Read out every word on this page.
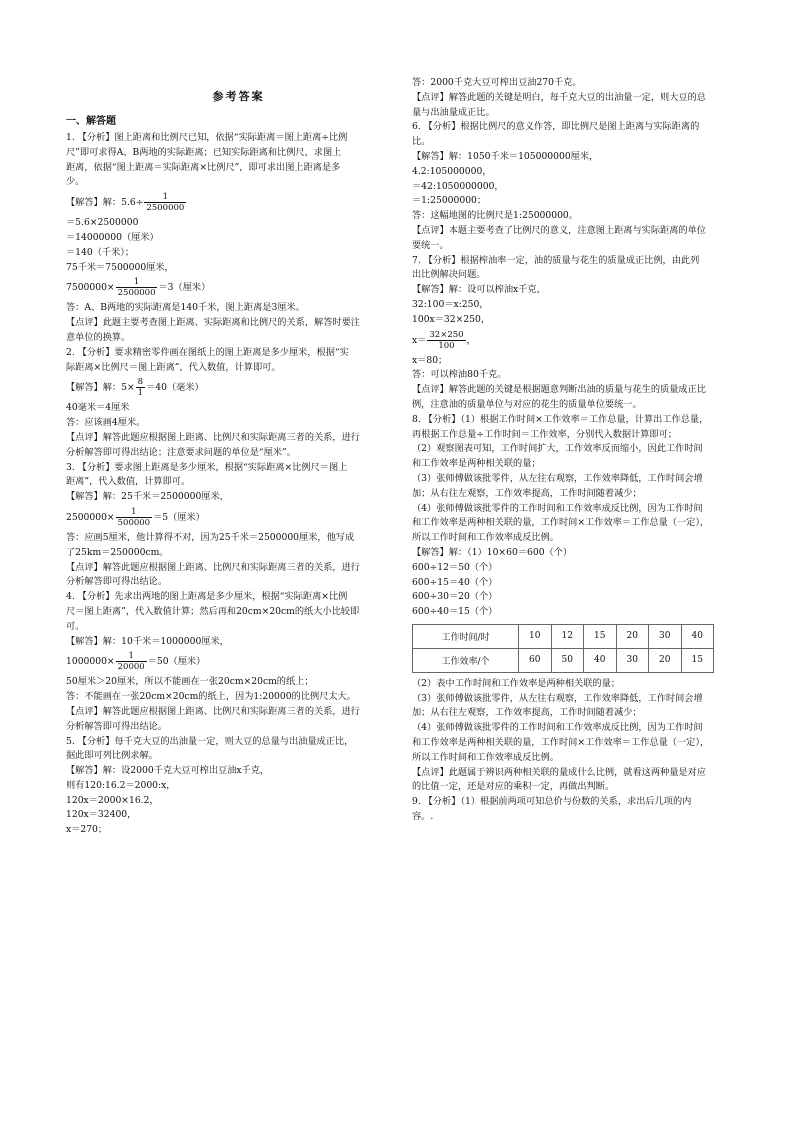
参考答案
一、解答题
1. 【分析】图上距离和比例尺已知，依据“实际距离＝图上距离÷比例
尺”即可求得A、B两地的实际距离；已知实际距离和比例尺，求图上
距离，依据“图上距离＝实际距离×比例尺”，即可求出图上距离是多
少。
【解答】解：$5.6\div \frac{1}{2500000}$
＝5.6×2500000
＝14000000（厘米）
＝140（千米）；
75千米＝7500000厘米，
$7500000\times \frac{1}{2500000} =3$（厘米）
答：A、B两地的实际距离是140千米，图上距离是3厘米。
【点评】此题主要考查图上距离、实际距离和比例尺的关系，解答时要注
意单位的换算。
2. 【分析】要求精密零件画在图纸上的图上距离是多少厘米，根据“实
际距离×比例尺＝图上距离”，代入数值，计算即可。
【解答】解：$5\times \frac{8}{1} =40$（毫米）
40毫米＝4厘米
答：应该画4厘米。
【点评】解答此题应根据图上距离、比例尺和实际距离三者的关系，进行
分析解答即可得出结论；注意要求问题的单位是“厘米”。
3. 【分析】要求图上距离是多少厘米，根据“实际距离×比例尺＝图上
距离”，代入数值，计算即可。
【解答】解：25千米＝2500000厘米，
$2500000\times \frac{1}{500000} =5$（厘米）
答：应画5厘米，他计算得不对，因为25千米＝2500000厘米，他写成
了25km＝250000cm。
【点评】解答此题应根据图上距离、比例尺和实际距离三者的关系，进行
分析解答即可得出结论。
4. 【分析】先求出两地的图上距离是多少厘米，根据“实际距离×比例
尺＝图上距离”，代入数值计算；然后再和20cm×20cm的纸大小比较即
可。
【解答】解：10千米＝1000000厘米，
$1000000\times \frac{1}{20000} =50$（厘米）
50厘米＞20厘米，所以不能画在一张20cm×20cm的纸上；
答：不能画在一张20cm×20cm的纸上，因为1:20000的比例尺太大。
【点评】解答此题应根据图上距离、比例尺和实际距离三者的关系，进行
分析解答即可得出结论。
5. 【分析】每千克大豆的出油量一定，则大豆的总量与出油量成正比，
据此即可列比例求解。
【解答】解：设2000千克大豆可榨出豆油x千克，
则有120:16.2＝2000:x，
120x＝2000×16.2，
120x＝32400，
x＝270；
答：2000千克大豆可榨出豆油270千克。
【点评】解答此题的关键是明白，每千克大豆的出油量一定，则大豆的总
量与出油量成正比。
6. 【分析】根据比例尺的意义作答，即比例尺是图上距离与实际距离的
比。
【解答】解：1050千米＝105000000厘米，
4.2:105000000，
＝42:1050000000，
＝1:25000000；
答：这幅地图的比例尺是1:25000000。
【点评】本题主要考查了比例尺的意义，注意图上距离与实际距离的单位
要统一。
7. 【分析】根据榨油率一定，油的质量与花生的质量成正比例，由此列
出比例解决问题。
【解答】解：设可以榨油x千克，
32:100＝x:250，
100x＝32×250，
$x= \frac{32\times 250}{100}$ ，
x＝80；
答：可以榨油80千克。
【点评】解答此题的关键是根据题意判断出油的质量与花生的质量成正比
例，注意油的质量单位与对应的花生的质量单位要统一。
8. 【分析】（1）根据工作时间×工作效率＝工作总量，计算出工作总量，
再根据工作总量÷工作时间＝工作效率，分别代入数据计算即可；
（2）观察图表可知，工作时间扩大，工作效率反而缩小，因此工作时间
和工作效率是两种相关联的量；
（3）张师傅做该批零件，从左往右观察，工作效率降低，工作时间会增
加；从右往左观察，工作效率提高，工作时间随着减少；
（4）张师傅做该批零件的工作时间和工作效率成反比例，因为工作时间
和工作效率是两种相关联的量，工作时间×工作效率＝工作总量（一定），
所以工作时间和工作效率成反比例。
【解答】解：（1）10×60＝600（个）
600÷12＝50（个）
600÷15＝40（个）
600÷30＝20（个）
600÷40＝15（个）
工作时间/时	10	12	15	20	30	40
工作效率/个	60	50	40	30	20	15
（2）表中工作时间和工作效率是两种相关联的量；
（3）张师傅做该批零件，从左往右观察，工作效率降低，工作时间会增
加；从右往左观察，工作效率提高，工作时间随着减少；
（4）张师傅做该批零件的工作时间和工作效率成反比例，因为工作时间
和工作效率是两种相关联的量，工作时间×工作效率＝工作总量（一定），
所以工作时间和工作效率成反比例。
【点评】此题属于辨识两种相关联的量成什么比例，就看这两种量是对应
的比值一定，还是对应的乘积一定，再做出判断。
9. 【分析】（1）根据前两项可知总价与份数的关系，求出后几项的内
容。.
